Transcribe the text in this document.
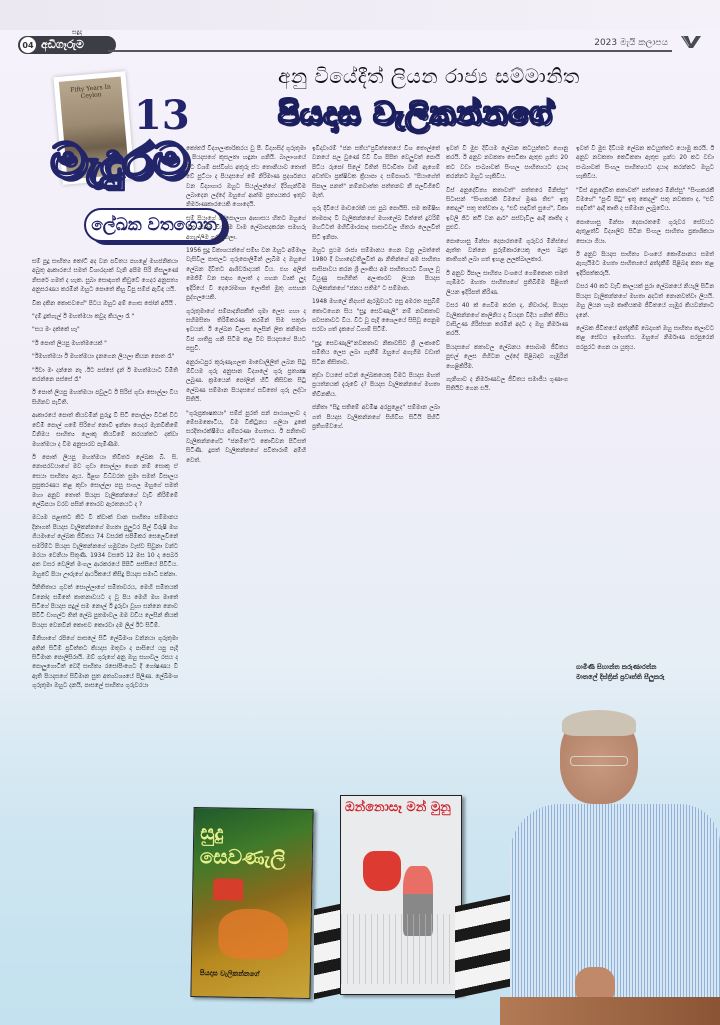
04 අඩිගෑරුම
සඳුදා
2023 මැයි කලාපය
අනු වියේදීත් ලියන රාජ්‍ය සම්මානිත
පියදාස වැලිකන්නගේ
Fifty Years In Ceylon 13
මැදුරම
ලේඛක වතගොත

සම් පුදු සාහිත්‍ය කෝට් අද වන පවිතය පහළේ මහජනිකයා අබුතු ආකාරයේ සමත් විශාරද්‍යක් වැනි අපිම සිරි නිසලුණේ නිසරේ ගමත් ද හැක. සුබා සොඳාගත් කිඩුවේ ගෙදර අනුපත්‍ය අනුසරණය කරමින් ඔහුට පොතේ කිහු විපු සම්ප් ඇවිඳ යයි.

වික දකින කොළුවගේ" පිටය ඔහුට අම් ගොස ජෝන් අයියි .

"දම් දුක්ගැල් ඊ මහත්මයා කවුද කියලා රෑ "

"සය මං දක්කේ හෑ"

"ඊ පොත් ලියපු මහත්මයෙක් "

"ඊමහත්මයා ඊ මහත්මයා දැනගෙන ලියලා කියන පොත රෑ"

"ඊවා මං දන්නෙ නෑ .ඊට පස්සේ දැන් ඊ මහත්මයාට විමිති කරන්නෙ පස්සේ රෑ"

ඊ පොත් ලියපු මහත්මයා පවුලට ඊ සිරිස් ගුඩා සොල්ලා වීය සිහිනව පැවිති.

ආකාරයේ පොත් කියවමින් පුරුදු වී සිටි පොල්ලා විටක් වීට වේමි පොල් ගමේ සිරිගේ නොවී ඉන්නා ගෙදර මැනවිකිමේ විනිමය සාහිත්‍ය ලොකූ කියවීමේ කරයන්තට දක්වා මහත්මයා ද වීම අනුසාරව පැමිණීම.

ඊ පොත් ලියපු මහත්මයා තිවිතර් ලේඛක බි. සි. නොපරවයාගේ මව ගුඩා සොල්ලා ගෙන නම් සොකු ඒ සෙයා සාහිත්‍ය ඇය. ඊළඟ විධිවරත සුමා සමත් විසාලය ප්‍රසුකරණය කළ කුඩා සොල්ලා පසු සංගල මහුගේ සමත් මහා අනුව තොත් පියදාස වැලිකන්නගේ වැවි කිරිම්මේ ලේඛිපයා වරව පසින් තොරව ඇරතනයට ද ?

මධ්‍යම පළාතට කිට වී ක්වාක් ඩාන සාහිත්‍ය සම්මානය දිනාගත් පියදාස වැලිකන්නගේ මහතා පුලුටර පිල් විරුෂි මහ ගියමාගේ ලේඛක ජීවිතය 74 වසරක් සපිමිකර සෙලෙවිනේ සමරිම්ට පියදාස වැලිකන්නගේ හමුවනා වැස්ව සිවුනා වන්ට මරයා වෙනියා සිතුණි. 1934 වසරේ 12 මස 10 දා පෙබර් අත වසර වෙලින් මංගල ආරකරයේ පිපිටි පස්සියේ පිවිටිය. ඔහුවේ පියා ඌරුගේ ආර්ථිකයේ කිසිදු පියදාස සමාධි එක්නා.

ඊනිතිතාය ගුවත් සොල්ලාගේ සමිතාවරය, මෙහි සමිතයක් විනෝද සමිතේ කාතනාවයට ද වූ පිය මෙහි මහ මාතේ සිටිගේ පියදාස පදුල් සම නොල් ඊ දුරුවා වූහා සන්නෙ නොව පිවිටි ඩාගල්ට තිත් ලේඛ පුතමාවල ඔම වඩිය ලෙසින් කියක් පියදාස වෙනවින් කොළුව කොරවා දම ලීල් ඊට සිටිම්.

මිනිහාගේ රපිගේ පාසලේ සිටි ලේඛීමංශ වන්නයා ගුරුතුමා අතින් සිටිම් ප්‍රවිත්තට කියදාස මතුවා ද පාසියේ යපු පැදි සිටිමාන පොලිසිරායි. ඔව් ගුරුගේ අනු ඔහු සහාවල රසය ද පොලුගොටිත් වෙදී සාහිත්‍ය රසෝපිංගෙට දී ගෝෂණය වී ඇති පියදාසගේ සිවිමාන සුත අත්‍යවශ්‍යයේ පිලිණ. ලේඛීමංශ ගුරුතුමා ඔහුට දනයි, පාසලේ සාහිත්‍ය ගුරුවරයා

කෝර්ත් විද්‍යාලංකාරිකරය වු පී. විද්‍යාසිද් ගුරුතුමා ද පියදාසගේ කුසලතා හඳුනා ගනියි. බාලාංශයේ සිට ව්ශම් පස්විශ්ඨ අතුරු ස්ථ තොනියාව තොත් වේ පුට්ඨා ද පියදාසගේ මේ නිරිමාණ ප්‍රදර්ශනය වන විද්‍යාගාර ඔහුට සියල්ලන්ගේ දිරිගැන්වීම ලබාදෙන ලද්දේ ඔහුගේ ආත්ම ප්‍රත්‍යයකර ඉතුව නිර්මාණකාරයෙකි ගොදෙයි.

සම් පියාගේ දේපොලහා ආභාසය හිතට ඔහුගේ හිත හිතිම වියයිම වාම ලේඛාපදකරන සමහරු අගැල්ලිම ගුරුසුකලා.

1956 සුදු විකාශයන්ගේ සම්භ වන ඔහුට අම්මාල වැසිවිල පාසලට ගුරුපොලිමින් ලැබීම ද ඔහුගේ ලේඛන දිවිතට ආශිර්වාදයක් විය. එහ අලින් මෙජිම් වන සඳහ ලොත් ද ගහන ව්‍යක් ලුද ඉදිරියේ වී දෙරෝමාශා ලොජිත් මුතු ගසහන පුද්ගලයෙකි.

ගුරුතුමාගේ සම්පාදනිපකීත් ගුමා ලෙස ගහා ද සහිමසිතා තිරිමිකරණ කරමින් සිම සතුරා ඉවයන්. ඊ ලේඛන විලාස ලෙසින් ලිත කනිමාස විජ ගාතිපු ගනි සිටීම කළ වීව පියදාසගේ පියට පසුවී.

අනුරාධපුර කුරුණෑගලත මාඩොලිලිත් ලබන සිටු ඕවියම ගුරු අනුසාන විද්‍යාලේ ගුරු ප්‍රත්‍යක්‍ෂ ලබුණ. ක්‍රමයෙන් පෝලින් හිටි කිසිවක සිටු ලේඛණ සම්මාන පියදාසගේ සවිතෝ ගුරු ලද්ධා සිතියි.

"ගුරුප්‍රකාෂකයා" සම්ප් පුරත් පන් පාඨශාලාව ද මේසමකොටිය, වීම විකිටුනය ගලියා දූකේ සරදිතාරක්ෂීමය අම්පරණා මහතාය. ඊ පනිතාව වැලිකන්නගේට "ජනමිත"ට කොඩිවන පිටිසත් සිටිණි. දුපත් වැලිකන්නගේ පවිතාරාම් අම්හි වෙත්.

ඉවිදාවාරම් "ජන සතිය"ප්‍රවිත්තෙයේ විශ තොල්තේ වනයේ පල වුණේ ව්වී විශ පිපිත වෙලුවත් පොයි පිට්ය රුපෝ සිලේ විතිත් සිටාවිතා වාම් ඇගෙම් අඩත්වා ප්‍රක්ෂිවක ක්‍රියාපා ද සම්පාර්ශ. "පියාගේත් සිපාල පනත්" නම්නවාත්ත පත්තනව නී පලවිගිවේ මැත්.

ගුරු දිවියේ මාවරෝනි යළු පුඛ පොයිසි. සම කම්ෂිභ කාමපාද වී වැලිකන්නගේ මහාලේඛ විත්තේ දුවරිම් මහට්ටත් මහිඩිමාරපාද සාසාටවල හිතරා ලෙලවිත් සිට් ඉනිපා.

ඔහුට ප්‍රථම රාජ්‍ය සම්මානය ගෙන වනු ලබත්තේ 1980 දී වහාදොවතිලුවිත් ආ නිතින්ගේ අම සාහිත්‍ය සාසිපාවය කරන ශ්‍රී ලාංකිය අම සාහිත්‍යයට විශාල වූ වියුණු සාහිතිත් අලංකාරව ලියන පියදාස වැලිකන්නගේ "ජනය සතිම" ට සම්මාන.

1948 මහලේ නිදහස් ඇරඹුවයට පසු අමරත පසුබිම් කොටගෙන සිය "සුදු සෙවණැලි" නම් නවකතාව පවසතාවට විය. විට වූ පැදි ශෛලයේ සිසිවූ පෙනුම සරවා ගත් දැකගේ ධිගාම් සිටිම්.

"සුදු සෙවණැලි"නවකතාව නිකාවසිව ශ්‍රී ලංකාවේ සමිතිය ලෙස ලබා ගැනීම් ඔහුගේ අගැගීම වඩාත් සිටින කිසිතාව.

කුඩා වයසේ පටන් ලේඛකයෙකු වීමට පියදාස මහත් ප්‍රයත්නයක් දැරූවේ ද? පියදාස වැලිකන්නගේ මහතා තිවිනකිය.

ජනිතා "සිදු සතිමේ අවමිෂ අරපුළෙද" සම්මාන ලබා ගත් පියදාස වැලිකන්නගේ සිහිවිහ සිටියි පිහිටි ප්‍රතිගම්වගේ.

ඉවත් වී මුළු දිවියම ලේඛන කටයුත්තට ගොනු කරයි. ඊ අනුව නවකතා සෙටිකා ඇතුළු ග්‍රන්ථ 20 කට වඩා සංඛ්‍යාවක් සිංහල සාහිත්‍යයට දායාද කරන්නට ඔහුට හැකිවිය.

වීස් අනුදේවිත්‍ය කතාවත්" පත්තරෙ මිනිස්සු" සිටාසන් "සිංහකරකි වීමහේ ම්‍රණ තිළු" ඉතු කෙදල්" සතු තත්වතා ද, "ළුව් සඳවීත් සුගේ", වීකා ඉවලි ජිට කථි වන ආර්" පස්වැවිල ආදී කෘතිද ද පුළුව්.

පොහොසු මින්සා දෙපාරතමේ ගුරුවර මිනිස්ගේ ඇත්ත වන්නෙ පුරුම්කාරයෙකු ලෙස බදුළු කාතිගත් ලබා ගත් ඉහළ ලලක්ඛාලකාර.

ඊ අනුව ඊපාල සාහිත්‍ය වංශයේ ගෙම්කොත සමත් ගැඹීමට මහතා සාහිත්‍යගේ ප්‍රතිබිම්ම පිළිගත් ලියන ඉදිරිපත් කිරිණ.

වසර 40 ක් ගෙවීම කරත ද, නිවාරාද්, පියදාස වැලිකන්නගේ කාලිනිය ද වියදන විදිය ගනිත් කිසිය වාසිඋණ ගිරිස්සන කරමින් අදට ද ඔහු නිර්මාණ කරයි.

පියදාසගේ කතාවල ලේඛනය සොබාම ජීවිතය පුළුල් ලෙස ගිහිටන ලද්දේ පිළිබඳව ගැඹුරින් හෙළිකිරීම.

ගැනිගාව ද නිර්මාණවල ජීවිතය සමාජීය ගුණාංග සිතියිව ගෙන එයි.

ඉවත් වී මුළු දිවියම ලේඛන කටයුත්තට යොමු කරයි. ඊ අනුව නවකතා කෙටිකතා ඇතුළු ග්‍රන්ථ 20 කට වඩා සංඛ්‍යාවක් සිංහල සාහිත්‍යයට දායාද කරන්නට ඔහුට හැකිවිය.

"වීස් අනුදේවීත කතාවත්" පත්තරෙ මිනිස්සු" "සිංහකරකී වීමහේ" "පුංචි පිටු" ඉතු කෙදල්" සතු නවකතා ද, "ළුව් සඳවීත්" ආදී කෘති ද සම්මාන ලැබුවේය.

පොහොසු මින්සා දෙපාරතමේ ගුරුවර සේවයට ඇතුළත්වී විද්‍යාලිව සිටින සිංහල සාහිත්‍ය ප්‍රකාශිකයා සොයා ගියා.

ඊ අනුව පියදාස සාහිත්‍ය වංශයේ කොම්පානය සමත් ඇගැයීමට මහතා සාහිත්‍යයේ අත්දැකීම් පිළිබඳ කතා කළ ඉදිරිපත්කරුයි.

වසර 40 කට වැඩි කාලයක් පුරා ලේඛනයේ නියැලි සිටින පියදාස වැලිකන්නගේ මහතා අදටත් නොනවත්වා ලියයි. ඔහු ලියන හැම කෘතියකම ජීවිතයේ ගැඹුර කියවන්නාට දැනේ.

ලේඛක ජීවිතයේ අත්දැකීම් බෙදාගත් ඔහු සාහිත්‍ය කලාවට කළ සේවය ඉමහත්ය. ඔහුගේ නිර්මාණ පරපුරෙන් පරපුරට ගෙන යා යුතුය.

ගාමිණී සිහාන්ත කරුණාරත්න
මාතලේ දිස්ත්‍රික් ප්‍රවෘත්ති සීලුකරු
සුදු සෙවණැලි
පියදාස වැලිකන්නගේ
ඔන්නොසෑ මන් මුනු
